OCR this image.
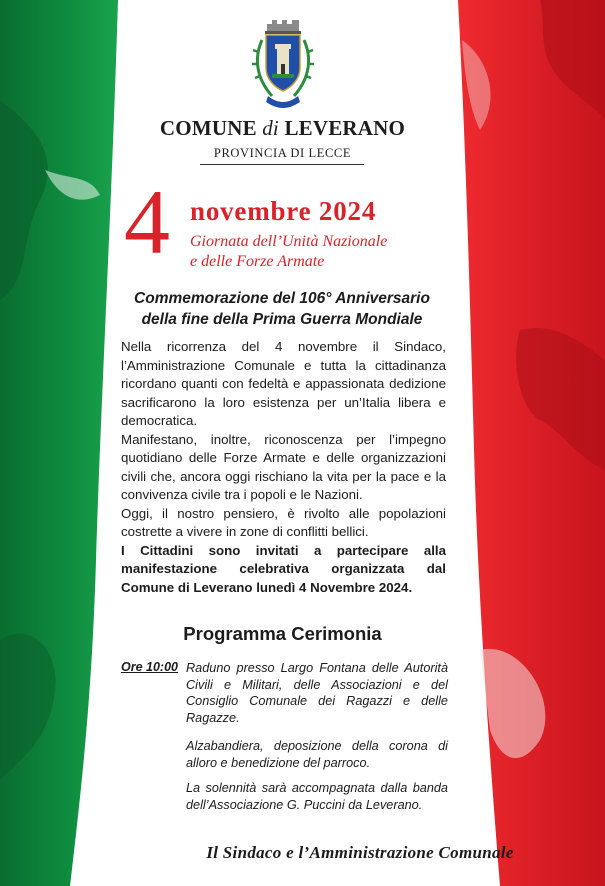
COMUNE di LEVERANO
PROVINCIA DI LECCE
4 novembre 2024
Giornata dell’Unità Nazionale
e delle Forze Armate
Commemorazione del 106° Anniversario
della fine della Prima Guerra Mondiale

Nella ricorrenza del 4 novembre il Sindaco, l’Amministrazione Comunale e tutta la cittadinanza ricordano quanti con fedeltà e appassionata dedizione sacrificarono la loro esistenza per un’Italia libera e democratica.

Manifestano, inoltre, riconoscenza per l’impegno quotidiano delle Forze Armate e delle organizzazioni civili che, ancora oggi rischiano la vita per la pace e la convivenza civile tra i popoli e le Nazioni.

Oggi, il nostro pensiero, è rivolto alle popolazioni costrette a vivere in zone di conflitti bellici.

I Cittadini sono invitati a partecipare alla manifestazione celebrativa organizzata dal Comune di Leverano lunedì 4 Novembre 2024.

Programma Cerimonia
Ore 10:00 Raduno presso Largo Fontana delle Autorità Civili e Militari, delle Associazioni e del Consiglio Comunale dei Ragazzi e delle Ragazze.
Alzabandiera, deposizione della corona di alloro e benedizione del parroco.
La solennità sarà accompagnata dalla banda dell’Associazione G. Puccini da Leverano.
Il Sindaco e l’Amministrazione Comunale
